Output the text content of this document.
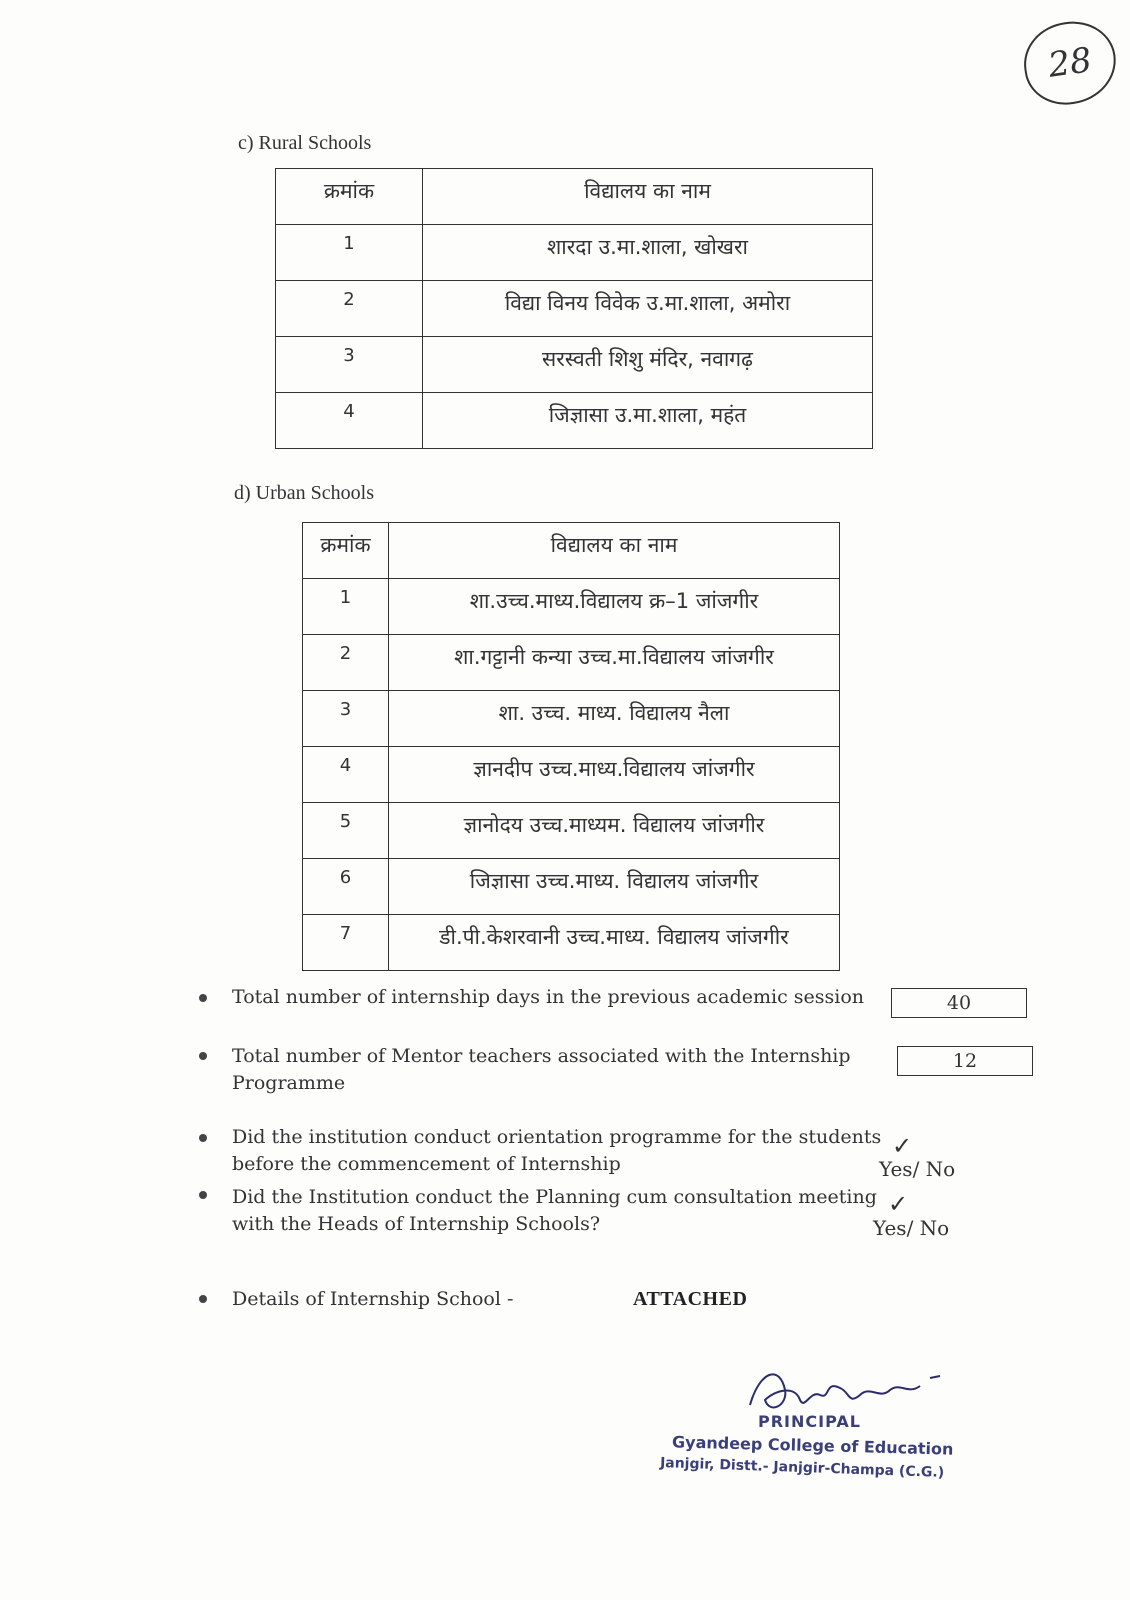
28
c) Rural Schools
क्रमांक	विद्यालय का नाम
1	शारदा उ.मा.शाला, खोखरा
2	विद्या विनय विवेक उ.मा.शाला, अमोरा
3	सरस्वती शिशु मंदिर, नवागढ़
4	जिज्ञासा उ.मा.शाला, महंत
d) Urban Schools
क्रमांक	विद्यालय का नाम
1	शा.उच्च.माध्य.विद्यालय क्र–1 जांजगीर
2	शा.गट्टानी कन्या उच्च.मा.विद्यालय जांजगीर
3	शा. उच्च. माध्य. विद्यालय नैला
4	ज्ञानदीप उच्च.माध्य.विद्यालय जांजगीर
5	ज्ञानोदय उच्च.माध्यम. विद्यालय जांजगीर
6	जिज्ञासा उच्च.माध्य. विद्यालय जांजगीर
7	डी.पी.केशरवानी उच्च.माध्य. विद्यालय जांजगीर
Total number of internship days in the previous academic session	40
Total number of Mentor teachers associated with the Internship
Programme
12
Did the institution conduct orientation programme for the students
before the commencement of Internship
✓
Yes/ No
Did the Institution conduct the Planning cum consultation meeting
with the Heads of Internship Schools?
✓
Yes/ No
Details of Internship School -	ATTACHED
PRINCIPAL
Gyandeep College of Education
Janjgir, Distt.- Janjgir-Champa (C.G.)
